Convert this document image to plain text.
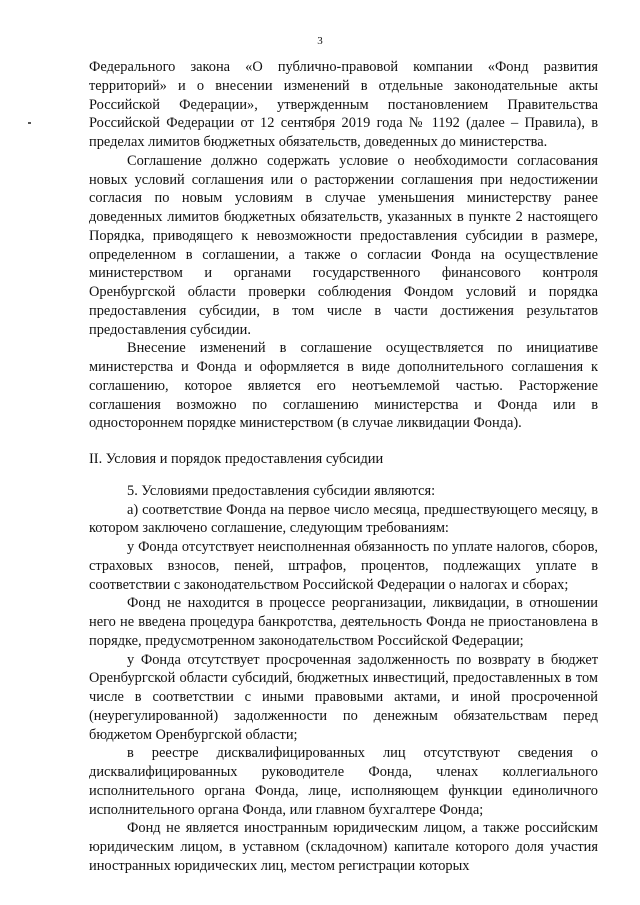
3

Федерального закона «О публично-правовой компании «Фонд развития территорий» и о внесении изменений в отдельные законодательные акты Российской Федерации», утвержденным постановлением Правительства Российской Федерации от 12 сентября 2019 года № 1192 (далее – Правила), в пределах лимитов бюджетных обязательств, доведенных до министерства.

Соглашение должно содержать условие о необходимости согласования новых условий соглашения или о расторжении соглашения при недостижении согласия по новым условиям в случае уменьшения министерству ранее доведенных лимитов бюджетных обязательств, указанных в пункте 2 настоящего Порядка, приводящего к невозможности предоставления субсидии в размере, определенном в соглашении, а также о согласии Фонда на осуществление министерством и органами государственного финансового контроля Оренбургской области проверки соблюдения Фондом условий и порядка предоставления субсидии, в том числе в части достижения результатов предоставления субсидии.

Внесение изменений в соглашение осуществляется по инициативе министерства и Фонда и оформляется в виде дополнительного соглашения к соглашению, которое является его неотъемлемой частью. Расторжение соглашения возможно по соглашению министерства и Фонда или в одностороннем порядке министерством (в случае ликвидации Фонда).

II. Условия и порядок предоставления субсидии

5. Условиями предоставления субсидии являются:

а) соответствие Фонда на первое число месяца, предшествующего месяцу, в котором заключено соглашение, следующим требованиям:

у Фонда отсутствует неисполненная обязанность по уплате налогов, сборов, страховых взносов, пеней, штрафов, процентов, подлежащих уплате в соответствии с законодательством Российской Федерации о налогах и сборах;

Фонд не находится в процессе реорганизации, ликвидации, в отношении него не введена процедура банкротства, деятельность Фонда не приостановлена в порядке, предусмотренном законодательством Российской Федерации;

у Фонда отсутствует просроченная задолженность по возврату в бюджет Оренбургской области субсидий, бюджетных инвестиций, предоставленных в том числе в соответствии с иными правовыми актами, и иной просроченной (неурегулированной) задолженности по денежным обязательствам перед бюджетом Оренбургской области;

в реестре дисквалифицированных лиц отсутствуют сведения о дисквалифицированных руководителе Фонда, членах коллегиального исполнительного органа Фонда, лице, исполняющем функции единоличного исполнительного органа Фонда, или главном бухгалтере Фонда;

Фонд не является иностранным юридическим лицом, а также российским юридическим лицом, в уставном (складочном) капитале которого доля участия иностранных юридических лиц, местом регистрации которых
